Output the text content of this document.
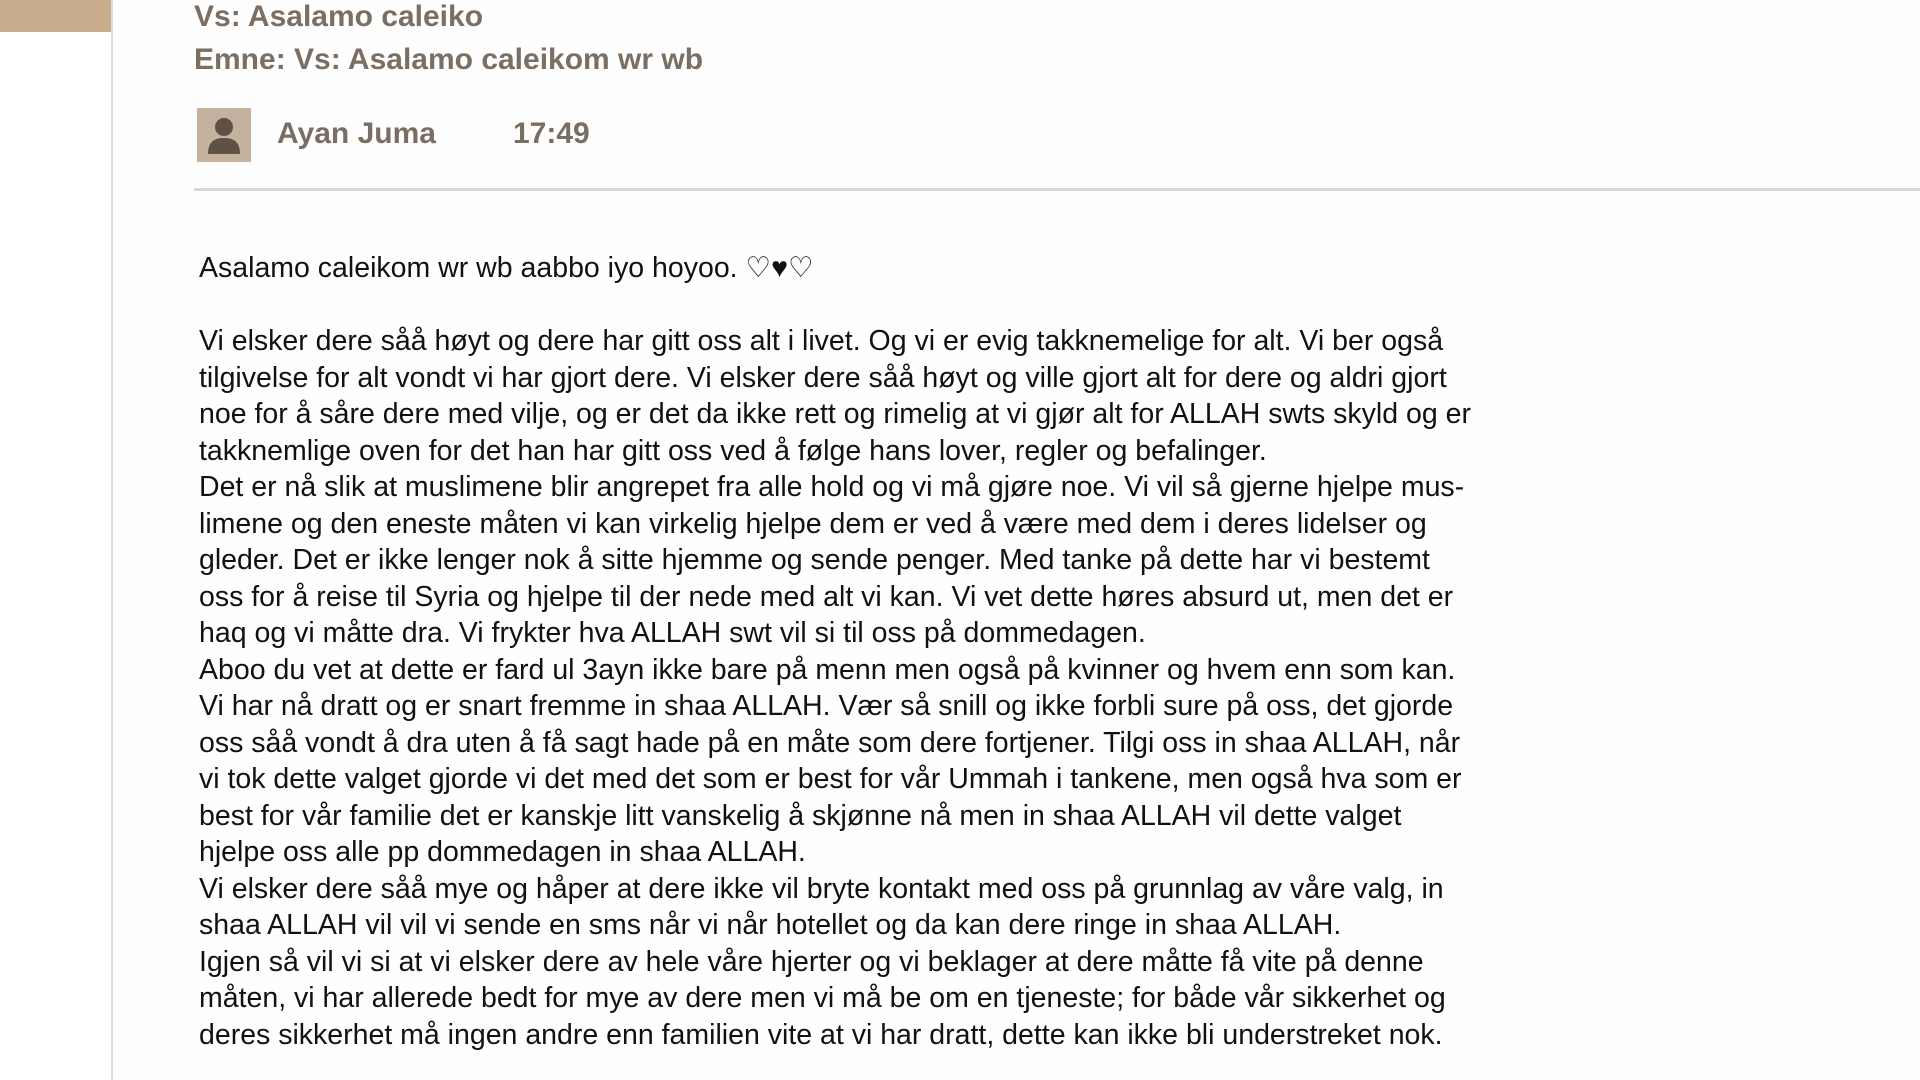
Vs: Asalamo caleiko
Emne: Vs: Asalamo caleikom wr wb
Ayan Juma	17:49
Asalamo caleikom wr wb aabbo iyo hoyoo. ♡♥♡
Vi elsker dere såå høyt og dere har gitt oss alt i livet. Og vi er evig takknemelige for alt. Vi ber også
tilgivelse for alt vondt vi har gjort dere. Vi elsker dere såå høyt og ville gjort alt for dere og aldri gjort
noe for å såre dere med vilje, og er det da ikke rett og rimelig at vi gjør alt for ALLAH swts skyld og er
takknemlige oven for det han har gitt oss ved å følge hans lover, regler og befalinger.
Det er nå slik at muslimene blir angrepet fra alle hold og vi må gjøre noe. Vi vil så gjerne hjelpe mus-
limene og den eneste måten vi kan virkelig hjelpe dem er ved å være med dem i deres lidelser og
gleder. Det er ikke lenger nok å sitte hjemme og sende penger. Med tanke på dette har vi bestemt
oss for å reise til Syria og hjelpe til der nede med alt vi kan. Vi vet dette høres absurd ut, men det er
haq og vi måtte dra. Vi frykter hva ALLAH swt vil si til oss på dommedagen.
Aboo du vet at dette er fard ul 3ayn ikke bare på menn men også på kvinner og hvem enn som kan.
Vi har nå dratt og er snart fremme in shaa ALLAH. Vær så snill og ikke forbli sure på oss, det gjorde
oss såå vondt å dra uten å få sagt hade på en måte som dere fortjener. Tilgi oss in shaa ALLAH, når
vi tok dette valget gjorde vi det med det som er best for vår Ummah i tankene, men også hva som er
best for vår familie det er kanskje litt vanskelig å skjønne nå men in shaa ALLAH vil dette valget
hjelpe oss alle pp dommedagen in shaa ALLAH.
Vi elsker dere såå mye og håper at dere ikke vil bryte kontakt med oss på grunnlag av våre valg, in
shaa ALLAH vil vil vi sende en sms når vi når hotellet og da kan dere ringe in shaa ALLAH.
Igjen så vil vi si at vi elsker dere av hele våre hjerter og vi beklager at dere måtte få vite på denne
måten, vi har allerede bedt for mye av dere men vi må be om en tjeneste; for både vår sikkerhet og
deres sikkerhet må ingen andre enn familien vite at vi har dratt, dette kan ikke bli understreket nok.
